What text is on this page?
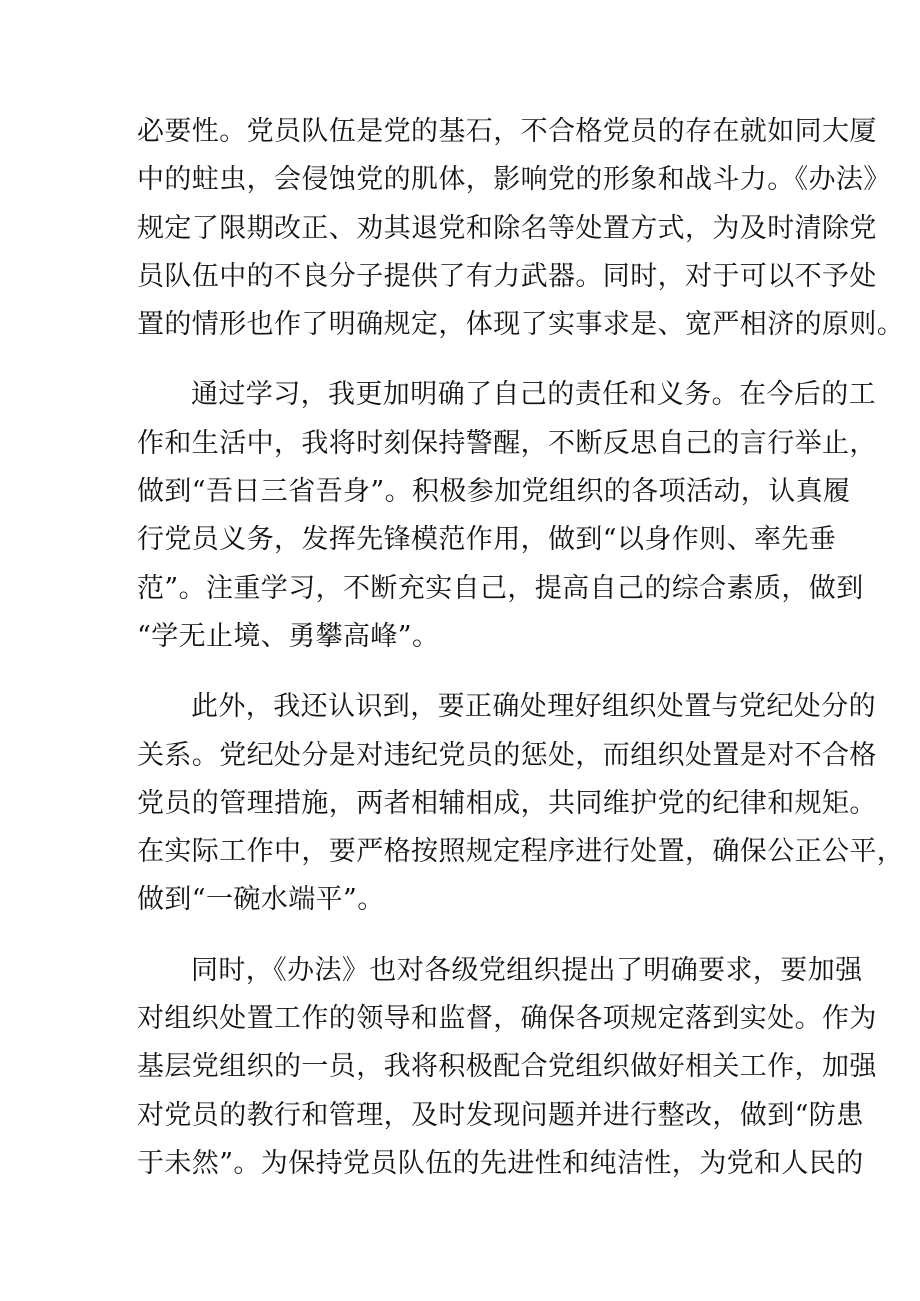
必要性。党员队伍是党的基石，不合格党员的存在就如同大厦
中的蛀虫，会侵蚀党的肌体，影响党的形象和战斗力。《办法》
规定了限期改正、劝其退党和除名等处置方式，为及时清除党
员队伍中的不良分子提供了有力武器。同时，对于可以不予处
置的情形也作了明确规定，体现了实事求是、宽严相济的原则。
通过学习，我更加明确了自己的责任和义务。在今后的工
作和生活中，我将时刻保持警醒，不断反思自己的言行举止，
做到“吾日三省吾身”。积极参加党组织的各项活动，认真履
行党员义务，发挥先锋模范作用，做到“以身作则、率先垂
范”。注重学习，不断充实自己，提高自己的综合素质，做到
“学无止境、勇攀高峰”。
此外，我还认识到，要正确处理好组织处置与党纪处分的
关系。党纪处分是对违纪党员的惩处，而组织处置是对不合格
党员的管理措施，两者相辅相成，共同维护党的纪律和规矩。
在实际工作中，要严格按照规定程序进行处置，确保公正公平，
做到“一碗水端平”。
同时，《办法》也对各级党组织提出了明确要求，要加强
对组织处置工作的领导和监督，确保各项规定落到实处。作为
基层党组织的一员，我将积极配合党组织做好相关工作，加强
对党员的教行和管理，及时发现问题并进行整改，做到“防患
于未然”。为保持党员队伍的先进性和纯洁性，为党和人民的
